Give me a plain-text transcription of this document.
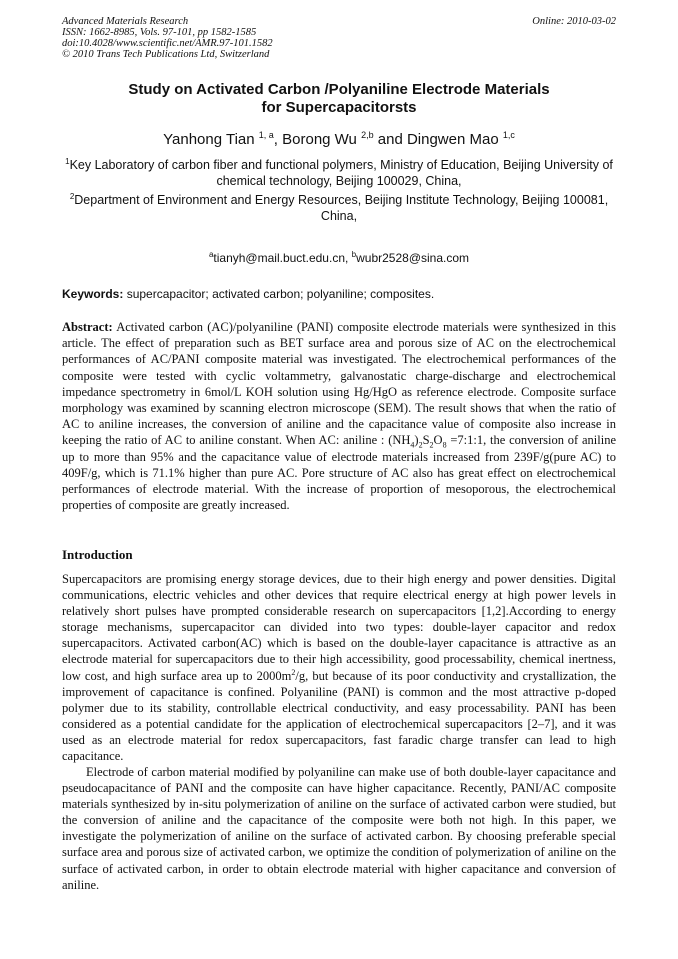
Advanced Materials Research
ISSN: 1662-8985, Vols. 97-101, pp 1582-1585
doi:10.4028/www.scientific.net/AMR.97-101.1582
© 2010 Trans Tech Publications Ltd, Switzerland
Online: 2010-03-02
Study on Activated Carbon /Polyaniline Electrode Materials
for Supercapacitorsts
Yanhong Tian $^{1, a}$, Borong Wu $^{2,b}$ and Dingwen Mao $^{1,c}$
$^1$Key Laboratory of carbon fiber and functional polymers, Ministry of Education, Beijing University of chemical technology, Beijing 100029, China,
$^2$Department of Environment and Energy Resources, Beijing Institute Technology, Beijing 100081, China,
$^a$tianyh@mail.buct.edu.cn, $^b$wubr2528@sina.com
Keywords: supercapacitor; activated carbon; polyaniline; composites.
Abstract: Activated carbon (AC)/polyaniline (PANI) composite electrode materials were synthesized in this article. The effect of preparation such as BET surface area and porous size of AC on the electrochemical performances of AC/PANI composite material was investigated. The electrochemical performances of the composite were tested with cyclic voltammetry, galvanostatic charge-discharge and electrochemical impedance spectrometry in 6mol/L KOH solution using Hg/HgO as reference electrode. Composite surface morphology was examined by scanning electron microscope (SEM). The result shows that when the ratio of AC to aniline increases, the conversion of aniline and the capacitance value of composite also increase in keeping the ratio of AC to aniline constant. When AC: aniline : $(NH_4)_2S_2O_8$ =7:1:1, the conversion of aniline up to more than 95% and the capacitance value of electrode materials increased from 239F/g(pure AC) to 409F/g, which is 71.1% higher than pure AC. Pore structure of AC also has great effect on electrochemical performances of electrode material. With the increase of proportion of mesoporous, the electrochemical properties of composite are greatly increased.
Introduction
Supercapacitors are promising energy storage devices, due to their high energy and power densities. Digital communications, electric vehicles and other devices that require electrical energy at high power levels in relatively short pulses have prompted considerable research on supercapacitors [1,2].According to energy storage mechanisms, supercapacitor can divided into two types: double-layer capacitor and redox supercapacitors. Activated carbon(AC) which is based on the double-layer capacitance is attractive as an electrode material for supercapacitors due to their high accessibility, good processability, chemical inertness, low cost, and high surface area up to $2000m^2/g$, but because of its poor conductivity and crystallization, the improvement of capacitance is confined. Polyaniline (PANI) is common and the most attractive p-doped polymer due to its stability, controllable electrical conductivity, and easy processability. PANI has been considered as a potential candidate for the application of electrochemical supercapacitors [2–7], and it was used as an electrode material for redox supercapacitors, fast faradic charge transfer can lead to high capacitance.
Electrode of carbon material modified by polyaniline can make use of both double-layer capacitance and pseudocapacitance of PANI and the composite can have higher capacitance. Recently, PANI/AC composite materials synthesized by in-situ polymerization of aniline on the surface of activated carbon were studied, but the conversion of aniline and the capacitance of the composite were both not high. In this paper, we investigate the polymerization of aniline on the surface of activated carbon. By choosing preferable special surface area and porous size of activated carbon, we optimize the condition of polymerization of aniline on the surface of activated carbon, in order to obtain electrode material with higher capacitance and conversion of aniline.
